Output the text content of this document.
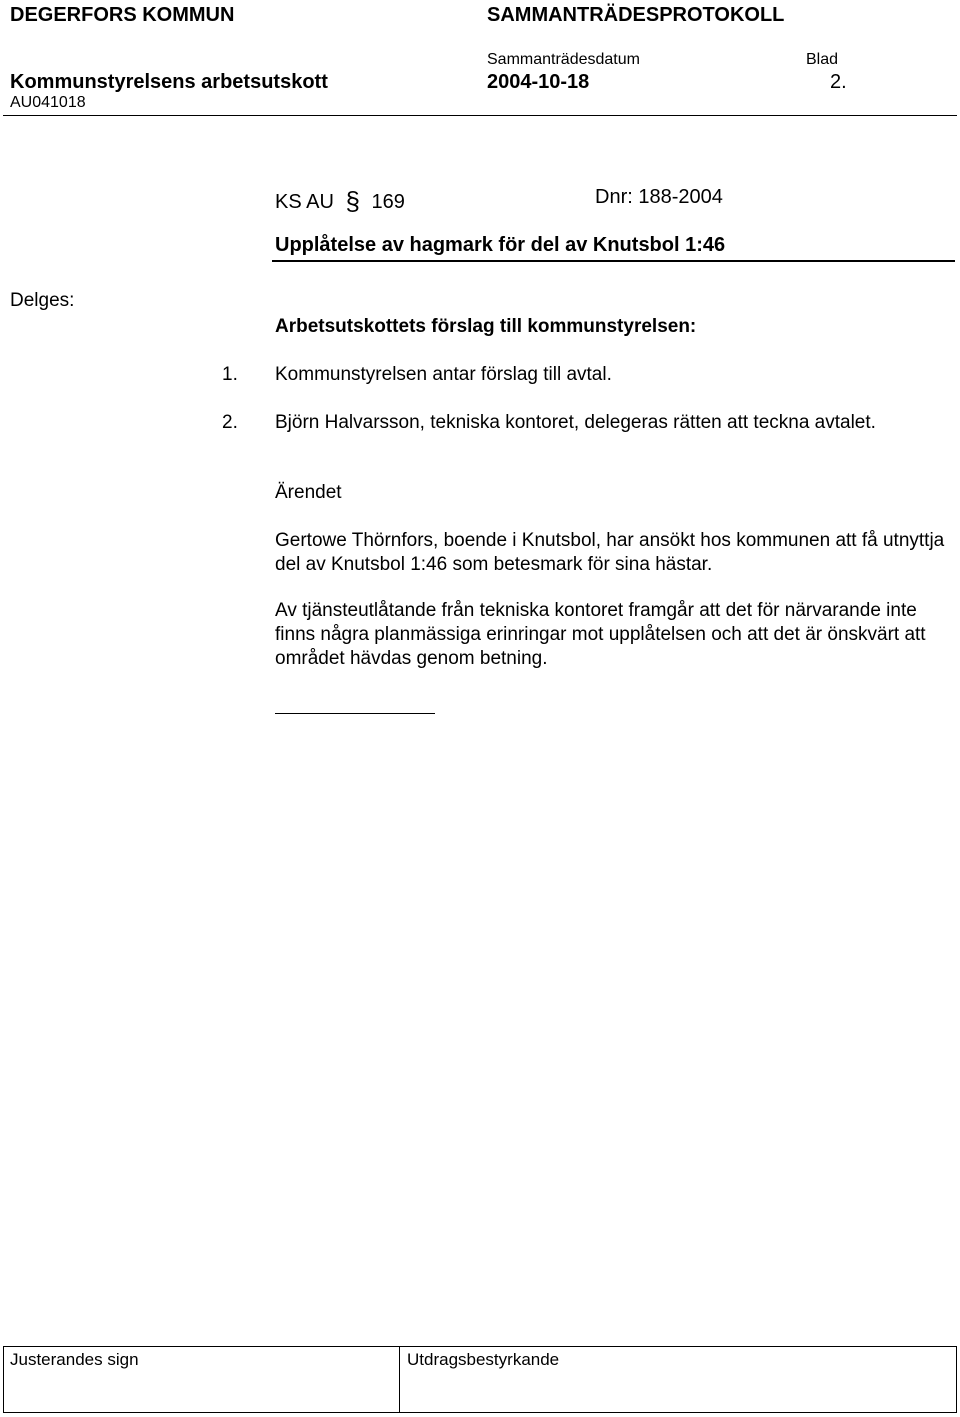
DEGERFORS KOMMUN	SAMMANTRÄDESPROTOKOLL
Sammanträdesdatum	Blad
Kommunstyrelsens arbetsutskott	2004-10-18	2.
AU041018
KS AU § 169	Dnr: 188-2004
Upplåtelse av hagmark för del av Knutsbol 1:46
Delges:
Arbetsutskottets förslag till kommunstyrelsen:
1. Kommunstyrelsen antar förslag till avtal.
2. Björn Halvarsson, tekniska kontoret, delegeras rätten att teckna avtalet.
Ärendet
Gertowe Thörnfors, boende i Knutsbol, har ansökt hos kommunen att få utnyttja del av Knutsbol 1:46 som betesmark för sina hästar.
Av tjänsteutlåtande från tekniska kontoret framgår att det för närvarande inte finns några planmässiga erinringar mot upplåtelsen och att det är önskvärt att området hävdas genom betning.
Justerandes sign	Utdragsbestyrkande
